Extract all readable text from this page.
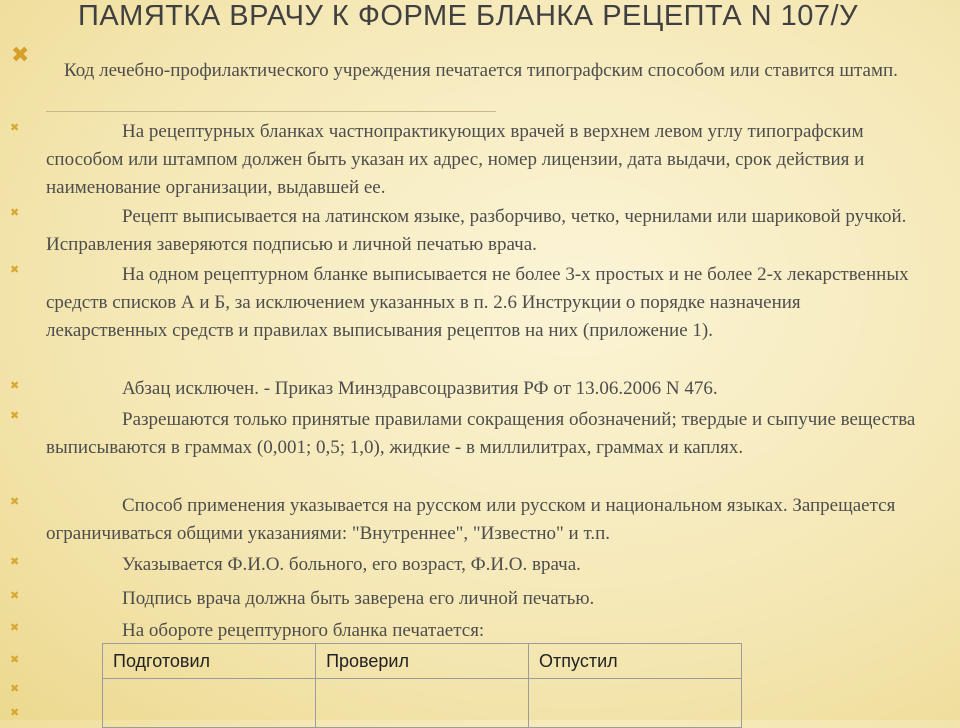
ПАМЯТКА ВРАЧУ К ФОРМЕ БЛАНКА РЕЦЕПТА N 107/У
✖
✖
✖
✖
✖
✖
✖
✖
✖
✖
✖
✖
✖
Код лечебно-профилактического учреждения печатается типографским способом или ставится штамп.
На рецептурных бланках частнопрактикующих врачей в верхнем левом углу типографским способом или штампом должен быть указан их адрес, номер лицензии, дата выдачи, срок действия и наименование организации, выдавшей ее.
Рецепт выписывается на латинском языке, разборчиво, четко, чернилами или шариковой ручкой. Исправления заверяются подписью и личной печатью врача.
На одном рецептурном бланке выписывается не более 3-х простых и не более 2-х лекарственных средств списков А и Б, за исключением указанных в п. 2.6 Инструкции о порядке назначения лекарственных средств и правилах выписывания рецептов на них (приложение 1).
Абзац исключен. - Приказ Минздравсоцразвития РФ от 13.06.2006 N 476.
Разрешаются только принятые правилами сокращения обозначений; твердые и сыпучие вещества выписываются в граммах (0,001; 0,5; 1,0), жидкие - в миллилитрах, граммах и каплях.
Способ применения указывается на русском или русском и национальном языках. Запрещается ограничиваться общими указаниями: "Внутреннее", "Известно" и т.п.
Указывается Ф.И.О. больного, его возраст, Ф.И.О. врача.
Подпись врача должна быть заверена его личной печатью.
На обороте рецептурного бланка печатается:
Подготовил	Проверил	Отпустил
